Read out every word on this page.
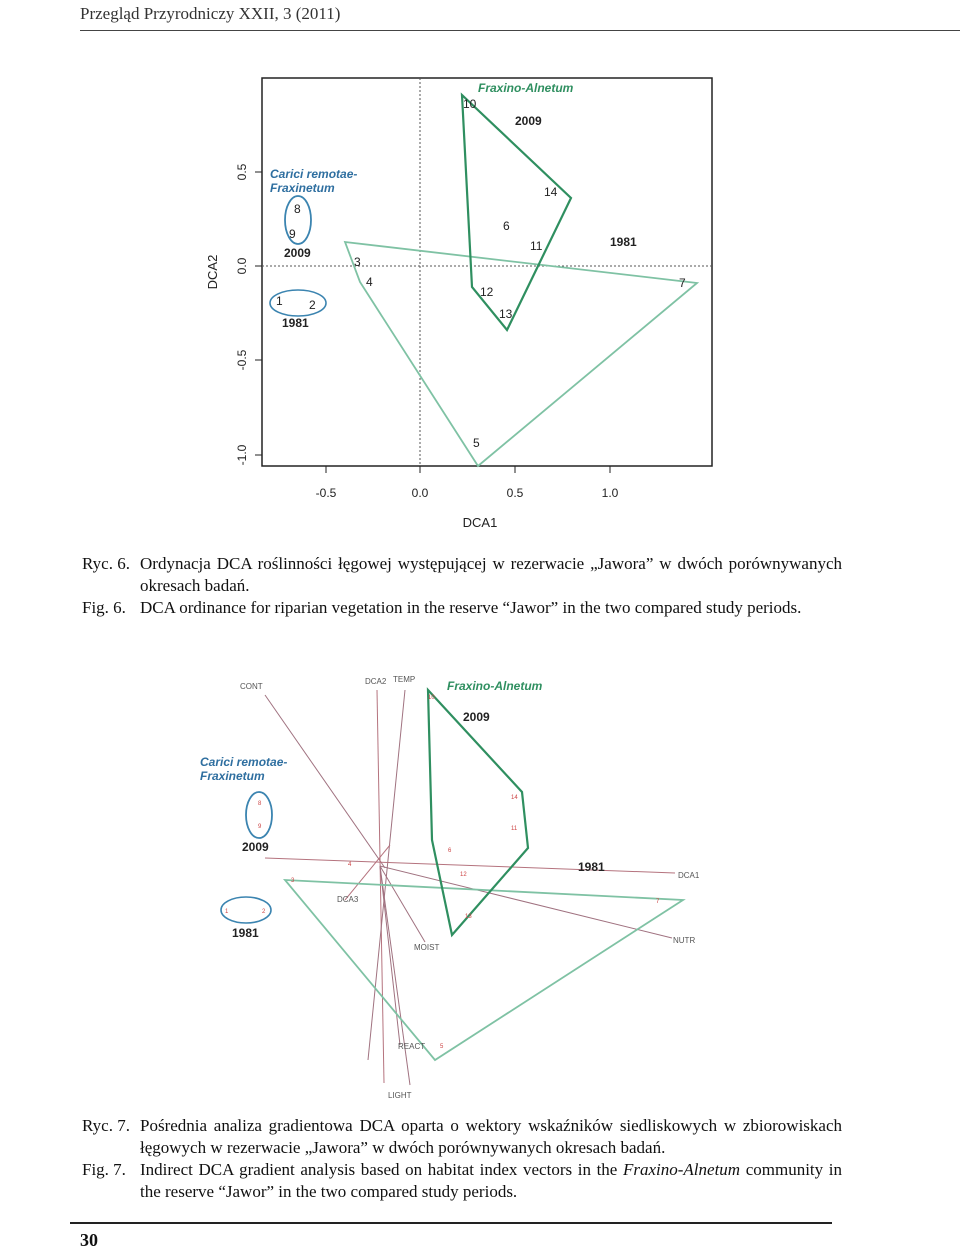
Przegląd Przyrodniczy XXII, 3 (2011)
-0.5	0.0	0.5	1.0
DCA1
-1.0
-0.5
0.0
0.5
DCA2
Fraxino-Alnetum
Carici remotae-
Fraxinetum
2009
2009
1981
1981
1 2
3
4
5
6
7
8
9
10
11
12
13
14
Ryc. 6. Ordynacja DCA roślinności łęgowej występującej w rezerwacie „Jawora” w dwóch porównywanych okresach badań.
Fig. 6. DCA ordinance for riparian vegetation in the reserve “Jawor” in the two compared study periods.
CONT
DCA2 TEMP
DCA1
DCA3
MOIST
NUTR
REACT
LIGHT
Fraxino-Alnetum
Carici remotae-
Fraxinetum
2009
2009
1981
1981
1	2
3
4
5
6
7
8
9
10
11
12
13
14
Ryc. 7. Pośrednia analiza gradientowa DCA oparta o wektory wskaźników siedliskowych w zbiorowiskach łęgowych w rezerwacie „Jawora” w dwóch porównywanych okresach badań.
Fig. 7. Indirect DCA gradient analysis based on habitat index vectors in the Fraxino-Alnetum community in the reserve “Jawor” in the two compared study periods.
30
